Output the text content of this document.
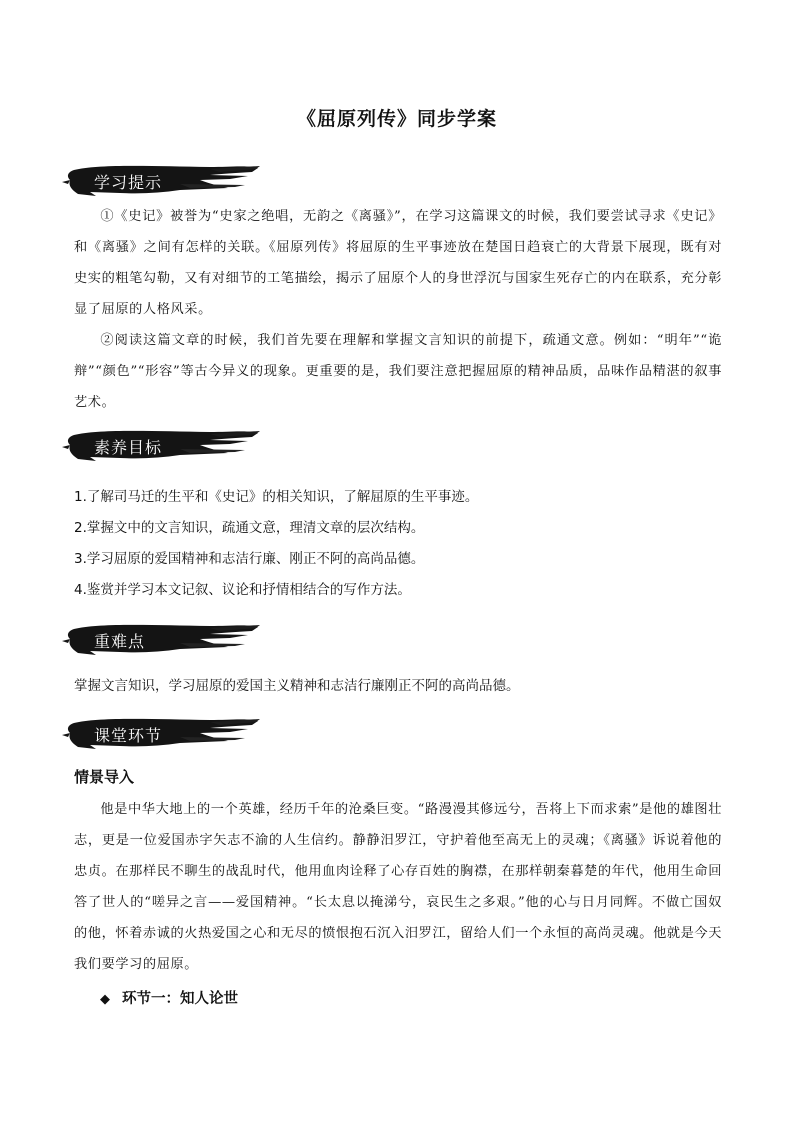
《屈原列传》同步学案
学习提示
①《史记》被誉为“史家之绝唱，无韵之《离骚》”，在学习这篇课文的时候，我们要尝试寻求《史记》和《离骚》之间有怎样的关联。《屈原列传》将屈原的生平事迹放在楚国日趋衰亡的大背景下展现，既有对史实的粗笔勾勒，又有对细节的工笔描绘，揭示了屈原个人的身世浮沉与国家生死存亡的内在联系，充分彰显了屈原的人格风采。
②阅读这篇文章的时候，我们首先要在理解和掌握文言知识的前提下，疏通文意。例如：“明年”“诡辩”“颜色”“形容”等古今异义的现象。更重要的是，我们要注意把握屈原的精神品质，品味作品精湛的叙事艺术。
素养目标
1.了解司马迁的生平和《史记》的相关知识，了解屈原的生平事迹。
2.掌握文中的文言知识，疏通文意，理清文章的层次结构。
3.学习屈原的爱国精神和志洁行廉、刚正不阿的高尚品德。
4.鉴赏并学习本文记叙、议论和抒情相结合的写作方法。
重难点
掌握文言知识，学习屈原的爱国主义精神和志洁行廉刚正不阿的高尚品德。
课堂环节
情景导入
他是中华大地上的一个英雄，经历千年的沧桑巨变。“路漫漫其修远兮，吾将上下而求索”是他的雄图壮志，更是一位爱国赤字矢志不渝的人生信约。静静汨罗江，守护着他至高无上的灵魂；《离骚》诉说着他的忠贞。在那样民不聊生的战乱时代，他用血肉诠释了心存百姓的胸襟，在那样朝秦暮楚的年代，他用生命回答了世人的“嗟异之言——爱国精神。“长太息以掩涕兮，哀民生之多艰。”他的心与日月同辉。不做亡国奴的他，怀着赤诚的火热爱国之心和无尽的愤恨抱石沉入汨罗江，留给人们一个永恒的高尚灵魂。他就是今天我们要学习的屈原。
◆ 环节一：知人论世
